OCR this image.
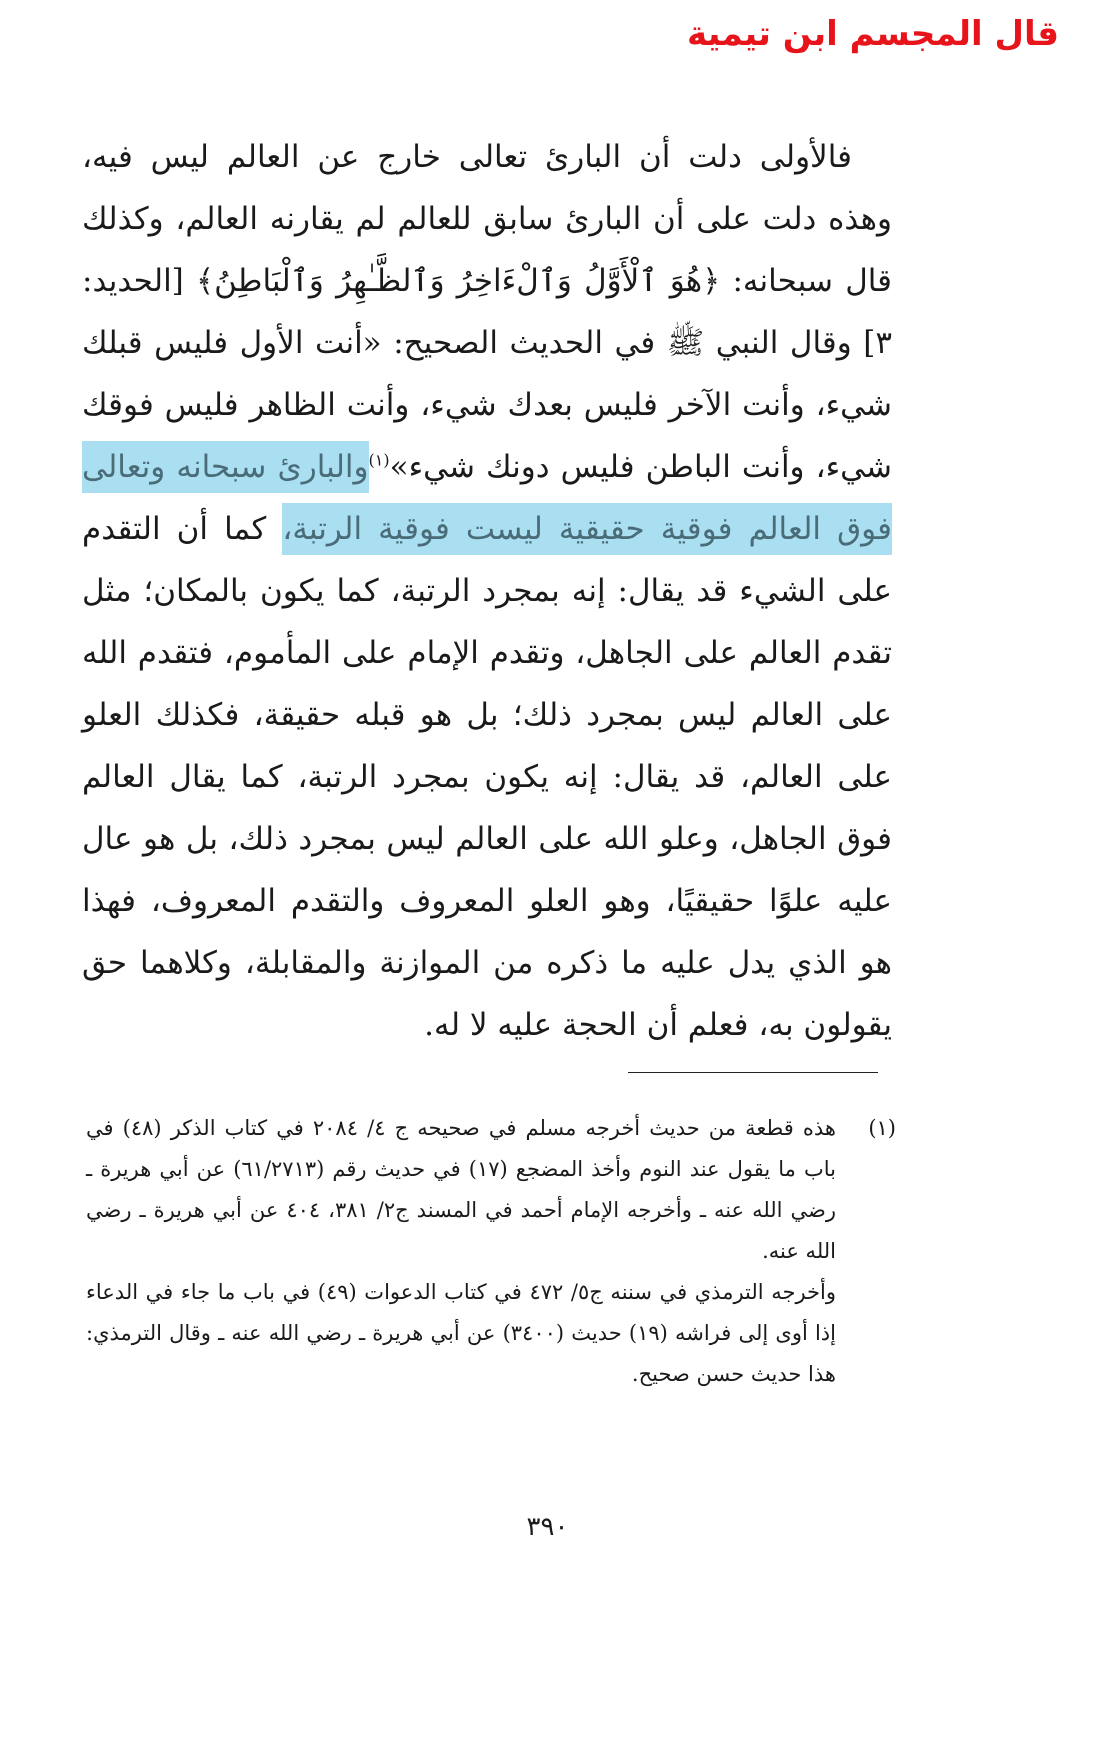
قال المجسم ابن تيمية

فالأولى دلت أن البارئ تعالى خارج عن العالم ليس فيه، وهذه دلت على أن البارئ سابق للعالم لم يقارنه العالم، وكذلك قال سبحانه: ﴿هُوَ ٱلْأَوَّلُ وَٱلْءَاخِرُ وَٱلظَّـٰهِرُ وَٱلْبَاطِنُ﴾ [الحديد: ٣] وقال النبي ﷺ في الحديث الصحيح: «أنت الأول فليس قبلك شيء، وأنت الآخر فليس بعدك شيء، وأنت الظاهر فليس فوقك شيء، وأنت الباطن فليس دونك شيء»$^{(١)}$والبارئ سبحانه وتعالى فوق العالم فوقية حقيقية ليست فوقية الرتبة، كما أن التقدم على الشيء قد يقال: إنه بمجرد الرتبة، كما يكون بالمكان؛ مثل تقدم العالم على الجاهل، وتقدم الإمام على المأموم، فتقدم الله على العالم ليس بمجرد ذلك؛ بل هو قبله حقيقة، فكذلك العلو على العالم، قد يقال: إنه يكون بمجرد الرتبة، كما يقال العالم فوق الجاهل، وعلو الله على العالم ليس بمجرد ذلك، بل هو عال عليه علوًا حقيقيًا، وهو العلو المعروف والتقدم المعروف، فهذا هو الذي يدل عليه ما ذكره من الموازنة والمقابلة، وكلاهما حق يقولون به، فعلم أن الحجة عليه لا له.

(١)

هذه قطعة من حديث أخرجه مسلم في صحيحه ج ٤/ ٢٠٨٤ في كتاب الذكر (٤٨) في باب ما يقول عند النوم وأخذ المضجع (١٧) في حديث رقم (٦١/٢٧١٣) عن أبي هريرة ـ رضي الله عنه ـ وأخرجه الإمام أحمد في المسند ج٢/ ٣٨١، ٤٠٤ عن أبي هريرة ـ رضي الله عنه.

وأخرجه الترمذي في سننه ج٥/ ٤٧٢ في كتاب الدعوات (٤٩) في باب ما جاء في الدعاء إذا أوى إلى فراشه (١٩) حديث (٣٤٠٠) عن أبي هريرة ـ رضي الله عنه ـ وقال الترمذي: هذا حديث حسن صحيح.

٣٩٠
